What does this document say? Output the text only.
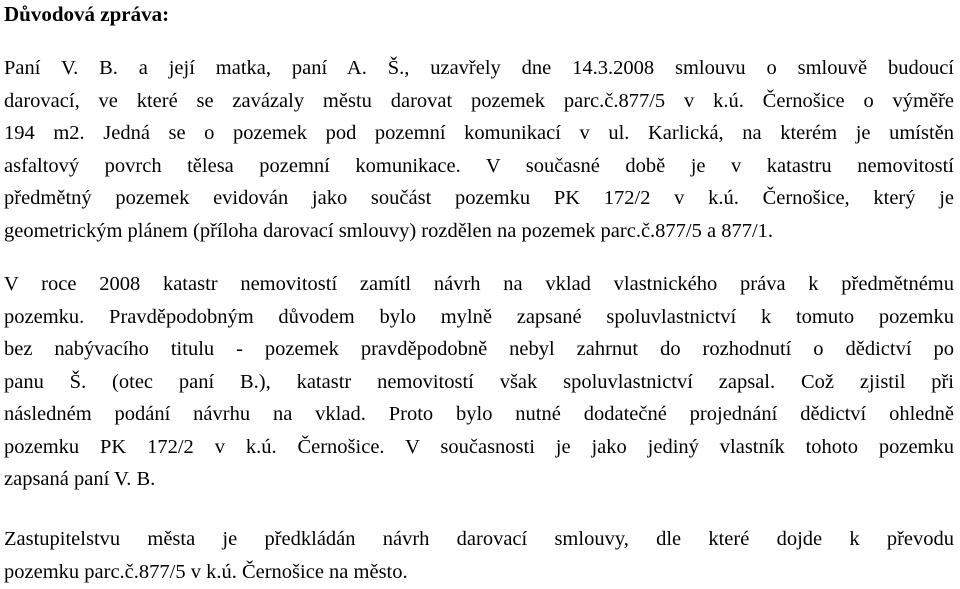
Důvodová zpráva:
Paní V. B. a její matka, paní A. Š., uzavřely dne 14.3.2008 smlouvu o smlouvě budoucí
darovací, ve které se zavázaly městu darovat pozemek parc.č.877/5 v k.ú. Černošice o výměře
194 m2. Jedná se o pozemek pod pozemní komunikací v ul. Karlická, na kterém je umístěn
asfaltový povrch tělesa pozemní komunikace. V současné době je v katastru nemovitostí
předmětný pozemek evidován jako součást pozemku PK 172/2 v k.ú. Černošice, který je
geometrickým plánem (příloha darovací smlouvy) rozdělen na pozemek parc.č.877/5 a 877/1.
V roce 2008 katastr nemovitostí zamítl návrh na vklad vlastnického práva k předmětnému
pozemku. Pravděpodobným důvodem bylo mylně zapsané spoluvlastnictví k tomuto pozemku
bez nabývacího titulu - pozemek pravděpodobně nebyl zahrnut do rozhodnutí o dědictví po
panu Š. (otec paní B.), katastr nemovitostí však spoluvlastnictví zapsal. Což zjistil při
následném podání návrhu na vklad. Proto bylo nutné dodatečné projednání dědictví ohledně
pozemku PK 172/2 v k.ú. Černošice. V současnosti je jako jediný vlastník tohoto pozemku
zapsaná paní V. B.
Zastupitelstvu města je předkládán návrh darovací smlouvy, dle které dojde k převodu
pozemku parc.č.877/5 v k.ú. Černošice na město.
